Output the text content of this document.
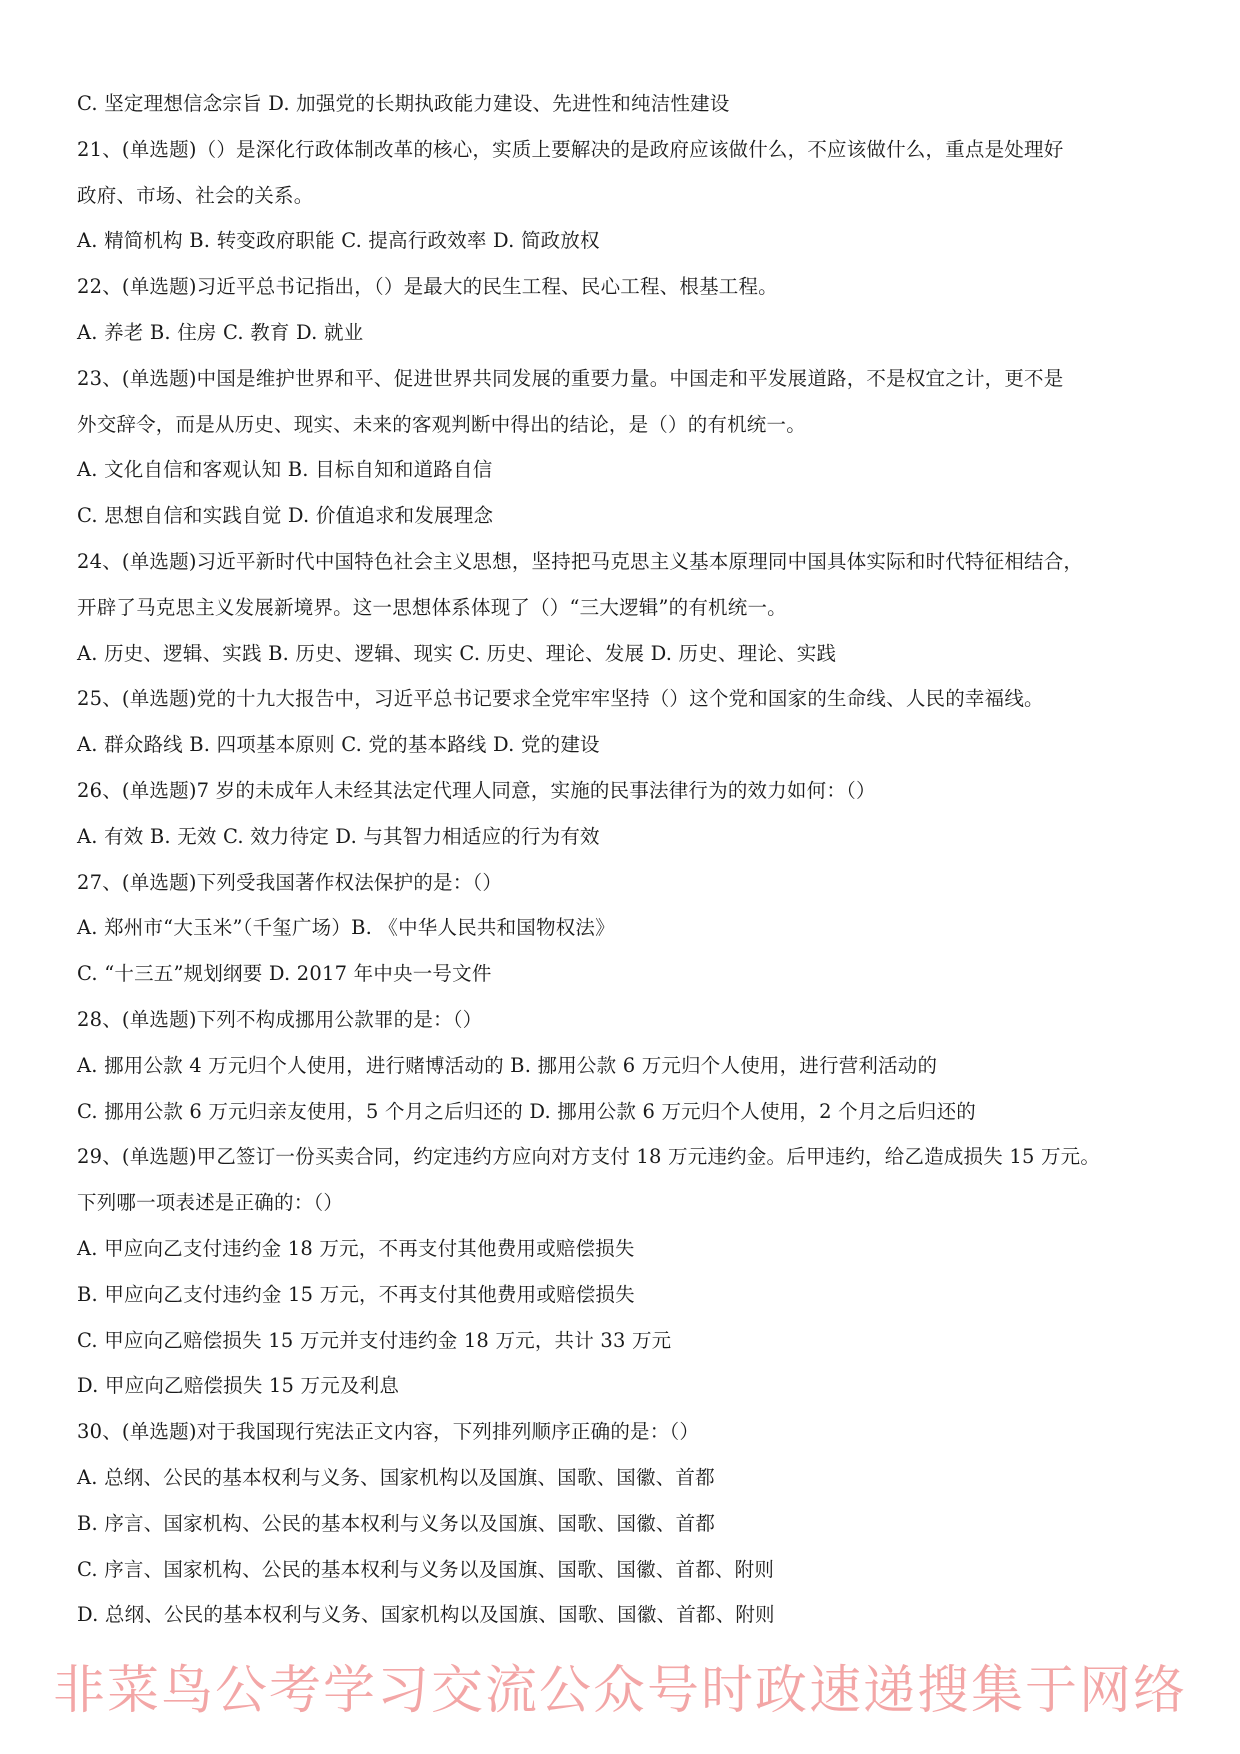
C. 坚定理想信念宗旨 D. 加强党的长期执政能力建设、先进性和纯洁性建设
21、(单选题)（）是深化行政体制改革的核心，实质上要解决的是政府应该做什么，不应该做什么，重点是处理好
政府、市场、社会的关系。
A. 精简机构 B. 转变政府职能 C. 提高行政效率 D. 简政放权
22、(单选题)习近平总书记指出，（）是最大的民生工程、民心工程、根基工程。
A. 养老 B. 住房 C. 教育 D. 就业
23、(单选题)中国是维护世界和平、促进世界共同发展的重要力量。中国走和平发展道路，不是权宜之计，更不是
外交辞令，而是从历史、现实、未来的客观判断中得出的结论，是（）的有机统一。
A. 文化自信和客观认知 B. 目标自知和道路自信
C. 思想自信和实践自觉 D. 价值追求和发展理念
24、(单选题)习近平新时代中国特色社会主义思想，坚持把马克思主义基本原理同中国具体实际和时代特征相结合，
开辟了马克思主义发展新境界。这一思想体系体现了（）“三大逻辑”的有机统一。
A. 历史、逻辑、实践 B. 历史、逻辑、现实 C. 历史、理论、发展 D. 历史、理论、实践
25、(单选题)党的十九大报告中，习近平总书记要求全党牢牢坚持（）这个党和国家的生命线、人民的幸福线。
A. 群众路线 B. 四项基本原则 C. 党的基本路线 D. 党的建设
26、(单选题)7 岁的未成年人未经其法定代理人同意，实施的民事法律行为的效力如何：（）
A. 有效 B. 无效 C. 效力待定 D. 与其智力相适应的行为有效
27、(单选题)下列受我国著作权法保护的是：（）
A. 郑州市“大玉米”（千玺广场）B. 《中华人民共和国物权法》
C. “十三五”规划纲要 D. 2017 年中央一号文件
28、(单选题)下列不构成挪用公款罪的是：（）
A. 挪用公款 4 万元归个人使用，进行赌博活动的 B. 挪用公款 6 万元归个人使用，进行营利活动的
C. 挪用公款 6 万元归亲友使用，5 个月之后归还的 D. 挪用公款 6 万元归个人使用，2 个月之后归还的
29、(单选题)甲乙签订一份买卖合同，约定违约方应向对方支付 18 万元违约金。后甲违约，给乙造成损失 15 万元。
下列哪一项表述是正确的：（）
A. 甲应向乙支付违约金 18 万元，不再支付其他费用或赔偿损失
B. 甲应向乙支付违约金 15 万元，不再支付其他费用或赔偿损失
C. 甲应向乙赔偿损失 15 万元并支付违约金 18 万元，共计 33 万元
D. 甲应向乙赔偿损失 15 万元及利息
30、(单选题)对于我国现行宪法正文内容，下列排列顺序正确的是：（）
A. 总纲、公民的基本权利与义务、国家机构以及国旗、国歌、国徽、首都
B. 序言、国家机构、公民的基本权利与义务以及国旗、国歌、国徽、首都
C. 序言、国家机构、公民的基本权利与义务以及国旗、国歌、国徽、首都、附则
D. 总纲、公民的基本权利与义务、国家机构以及国旗、国歌、国徽、首都、附则
非菜鸟公考学习交流公众号时政速递搜集于网络
